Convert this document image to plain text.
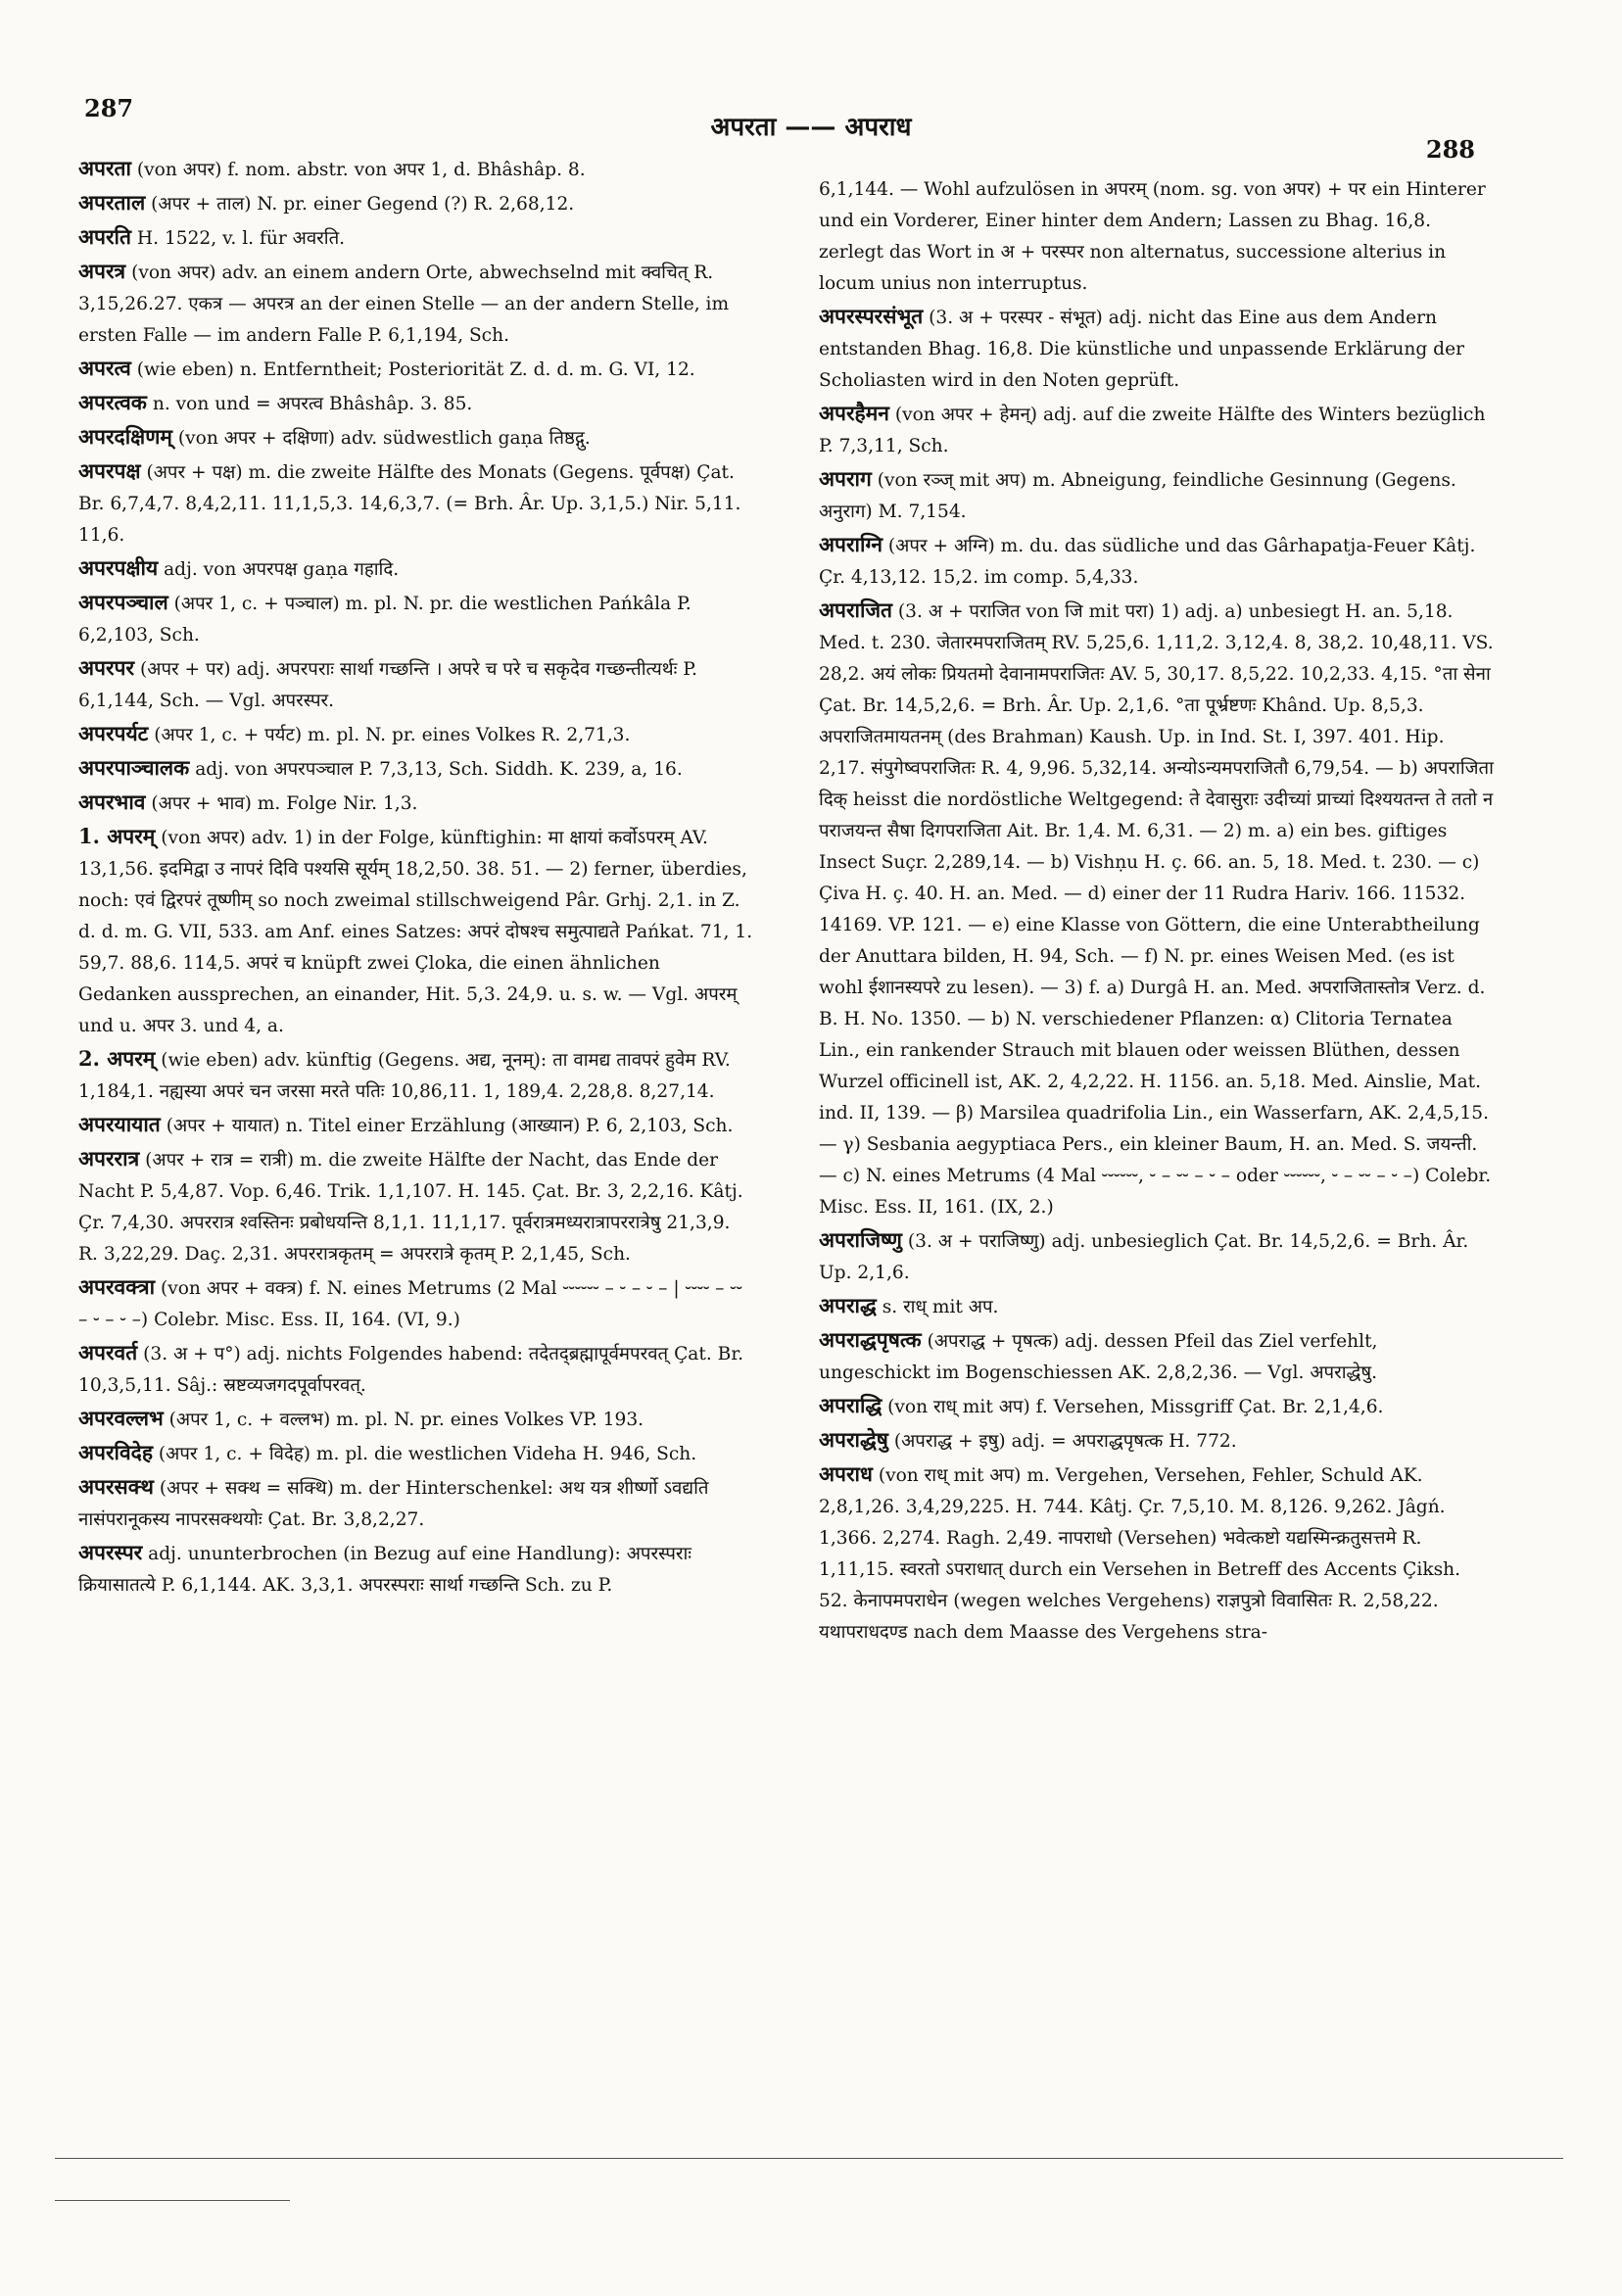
287
अपरता —— अपराध
288

अपरता (von अपर) f. nom. abstr. von अपर 1, d. Bhâshâp. 8.

अपरताल (अपर + ताल) N. pr. einer Gegend (?) R. 2,68,12.

अपरति H. 1522, v. l. für अवरति.

अपरत्र (von अपर) adv. an einem andern Orte, abwechselnd mit क्वचित् R. 3,15,26.27. एकत्र — अपरत्र an der einen Stelle — an der andern Stelle, im ersten Falle — im andern Falle P. 6,1,194, Sch.

अपरत्व (wie eben) n. Entferntheit; Posteriorität Z. d. d. m. G. VI, 12.

अपरत्वक n. von und = अपरत्व Bhâshâp. 3. 85.

अपरदक्षिणम् (von अपर + दक्षिणा) adv. südwestlich gaṇa तिष्ठद्गु.

अपरपक्ष (अपर + पक्ष) m. die zweite Hälfte des Monats (Gegens. पूर्वपक्ष) Çat. Br. 6,7,4,7. 8,4,2,11. 11,1,5,3. 14,6,3,7. (= Brh. Âr. Up. 3,1,5.) Nir. 5,11. 11,6.

अपरपक्षीय adj. von अपरपक्ष gaṇa गहादि.

अपरपञ्चाल (अपर 1, c. + पञ्चाल) m. pl. N. pr. die westlichen Pańkâla P. 6,2,103, Sch.

अपरपर (अपर + पर) adj. अपरपराः सार्था गच्छन्ति । अपरे च परे च सकृदेव गच्छन्तीत्यर्थः P. 6,1,144, Sch. — Vgl. अपरस्पर.

अपरपर्यट (अपर 1, c. + पर्यट) m. pl. N. pr. eines Volkes R. 2,71,3.

अपरपाञ्चालक adj. von अपरपञ्चाल P. 7,3,13, Sch. Siddh. K. 239, a, 16.

अपरभाव (अपर + भाव) m. Folge Nir. 1,3.

1. अपरम् (von अपर) adv. 1) in der Folge, künftighin: मा क्षायां कर्वोऽपरम् AV. 13,1,56. इदमिद्वा उ नापरं दिवि पश्यसि सूर्यम् 18,2,50. 38. 51. — 2) ferner, überdies, noch: एवं द्विरपरं तूष्णीम् so noch zweimal stillschweigend Pâr. Grhj. 2,1. in Z. d. d. m. G. VII, 533. am Anf. eines Satzes: अपरं दोषश्च समुत्पाद्यते Pańkat. 71, 1. 59,7. 88,6. 114,5. अपरं च knüpft zwei Çloka, die einen ähnlichen Gedanken aussprechen, an einander, Hit. 5,3. 24,9. u. s. w. — Vgl. अपरम् und u. अपर 3. und 4, a.

2. अपरम् (wie eben) adv. künftig (Gegens. अद्य, नूनम्): ता वामद्य तावपरं हुवेम RV. 1,184,1. नह्यस्या अपरं चन जरसा मरते पतिः 10,86,11. 1, 189,4. 2,28,8. 8,27,14.

अपरयायात (अपर + यायात) n. Titel einer Erzählung (आख्यान) P. 6, 2,103, Sch.

अपररात्र (अपर + रात्र = रात्री) m. die zweite Hälfte der Nacht, das Ende der Nacht P. 5,4,87. Vop. 6,46. Trik. 1,1,107. H. 145. Çat. Br. 3, 2,2,16. Kâtj. Çr. 7,4,30. अपररात्र श्वस्तिनः प्रबोधयन्ति 8,1,1. 11,1,17. पूर्वरात्रमध्यरात्रापररात्रेषु 21,3,9. R. 3,22,29. Daç. 2,31. अपररात्रकृतम् = अपररात्रे कृतम् P. 2,1,45, Sch.

अपरवक्त्रा (von अपर + वक्त्र) f. N. eines Metrums (2 Mal ⏑⏑⏑⏑⏑⏑ – ⏑ – ⏑ – | ⏑⏑⏑⏑ – ⏑⏑ – ⏑ – ⏑ –) Colebr. Misc. Ess. II, 164. (VI, 9.)

अपरवर्त (3. अ + प°) adj. nichts Folgendes habend: तदेतद्ब्रह्मापूर्वमपरवत् Çat. Br. 10,3,5,11. Sâj.: स्रष्टव्यजगदपूर्वापरवत्.

अपरवल्लभ (अपर 1, c. + वल्लभ) m. pl. N. pr. eines Volkes VP. 193.

अपरविदेह (अपर 1, c. + विदेह) m. pl. die westlichen Videha H. 946, Sch.

अपरसक्थ (अपर + सक्थ = सक्थि) m. der Hinterschenkel: अथ यत्र शीर्ष्णो ऽवद्यति नासंपरानूकस्य नापरसक्थयोः Çat. Br. 3,8,2,27.

अपरस्पर adj. ununterbrochen (in Bezug auf eine Handlung): अपरस्पराः क्रियासातत्ये P. 6,1,144. AK. 3,3,1. अपरस्पराः सार्था गच्छन्ति Sch. zu P.

6,1,144. — Wohl aufzulösen in अपरम् (nom. sg. von अपर) + पर ein Hinterer und ein Vorderer, Einer hinter dem Andern; Lassen zu Bhag. 16,8. zerlegt das Wort in अ + परस्पर non alternatus, successione alterius in locum unius non interruptus.

अपरस्परसंभूत (3. अ + परस्पर - संभूत) adj. nicht das Eine aus dem Andern entstanden Bhag. 16,8. Die künstliche und unpassende Erklärung der Scholiasten wird in den Noten geprüft.

अपरहैमन (von अपर + हेमन्) adj. auf die zweite Hälfte des Winters bezüglich P. 7,3,11, Sch.

अपराग (von रञ्ज् mit अप) m. Abneigung, feindliche Gesinnung (Gegens. अनुराग) M. 7,154.

अपराग्नि (अपर + अग्नि) m. du. das südliche und das Gârhapatja-Feuer Kâtj. Çr. 4,13,12. 15,2. im comp. 5,4,33.

अपराजित (3. अ + पराजित von जि mit परा) 1) adj. a) unbesiegt H. an. 5,18. Med. t. 230. जेतारमपराजितम् RV. 5,25,6. 1,11,2. 3,12,4. 8, 38,2. 10,48,11. VS. 28,2. अयं लोकः प्रियतमो देवानामपराजितः AV. 5, 30,17. 8,5,22. 10,2,33. 4,15. °ता सेना Çat. Br. 14,5,2,6. = Brh. Âr. Up. 2,1,6. °ता पूर्भ्रष्टणः Khând. Up. 8,5,3. अपराजितमायतनम् (des Brahman) Kaush. Up. in Ind. St. I, 397. 401. Hip. 2,17. संपुगेष्वपराजितः R. 4, 9,96. 5,32,14. अन्योऽन्यमपराजितौ 6,79,54. — b) अपराजिता दिक् heisst die nordöstliche Weltgegend: ते देवासुराः उदीच्यां प्राच्यां दिश्ययतन्त ते ततो न पराजयन्त सैषा दिगपराजिता Ait. Br. 1,4. M. 6,31. — 2) m. a) ein bes. giftiges Insect Suçr. 2,289,14. — b) Vishṇu H. ç. 66. an. 5, 18. Med. t. 230. — c) Çiva H. ç. 40. H. an. Med. — d) einer der 11 Rudra Hariv. 166. 11532. 14169. VP. 121. — e) eine Klasse von Göttern, die eine Unterabtheilung der Anuttara bilden, H. 94, Sch. — f) N. pr. eines Weisen Med. (es ist wohl ईशानस्यपरे zu lesen). — 3) f. a) Durgâ H. an. Med. अपराजितास्तोत्र Verz. d. B. H. No. 1350. — b) N. verschiedener Pflanzen: α) Clitoria Ternatea Lin., ein rankender Strauch mit blauen oder weissen Blüthen, dessen Wurzel officinell ist, AK. 2, 4,2,22. H. 1156. an. 5,18. Med. Ainslie, Mat. ind. II, 139. — β) Marsilea quadrifolia Lin., ein Wasserfarn, AK. 2,4,5,15. — γ) Sesbania aegyptiaca Pers., ein kleiner Baum, H. an. Med. S. जयन्ती. — c) N. eines Metrums (4 Mal ⏑⏑⏑⏑⏑⏑, ⏑ – ⏑⏑ – ⏑ – oder ⏑⏑⏑⏑⏑⏑, ⏑ – ⏑⏑ – ⏑ –) Colebr. Misc. Ess. II, 161. (IX, 2.)

अपराजिष्णु (3. अ + पराजिष्णु) adj. unbesieglich Çat. Br. 14,5,2,6. = Brh. Âr. Up. 2,1,6.

अपराद्ध s. राध् mit अप.

अपराद्धपृषत्क (अपराद्ध + पृषत्क) adj. dessen Pfeil das Ziel verfehlt, ungeschickt im Bogenschiessen AK. 2,8,2,36. — Vgl. अपराद्धेषु.

अपराद्धि (von राध् mit अप) f. Versehen, Missgriff Çat. Br. 2,1,4,6.

अपराद्धेषु (अपराद्ध + इषु) adj. = अपराद्धपृषत्क H. 772.

अपराध (von राध् mit अप) m. Vergehen, Versehen, Fehler, Schuld AK. 2,8,1,26. 3,4,29,225. H. 744. Kâtj. Çr. 7,5,10. M. 8,126. 9,262. Jâgń. 1,366. 2,274. Ragh. 2,49. नापराधो (Versehen) भवेत्कष्टो यद्यस्मिन्क्रतुसत्तमे R. 1,11,15. स्वरतो ऽपराधात् durch ein Versehen in Betreff des Accents Çiksh. 52. केनापमपराधेन (wegen welches Vergehens) राज्ञपुत्रो विवासितः R. 2,58,22. यथापराधदण्ड nach dem Maasse des Vergehens stra-
